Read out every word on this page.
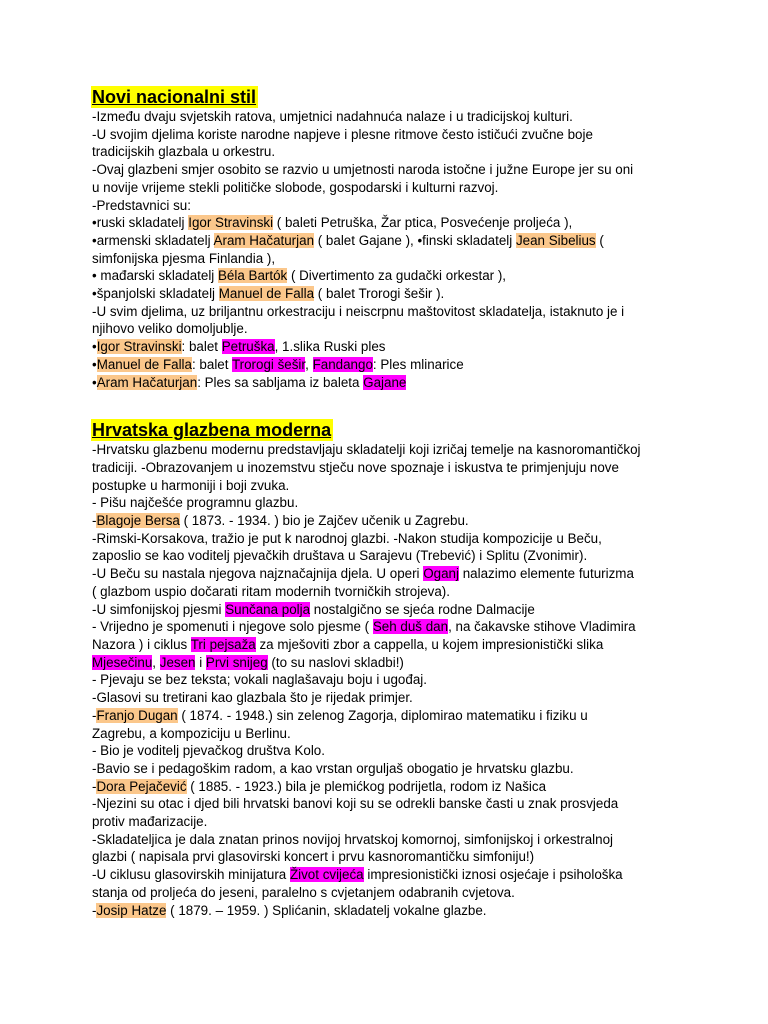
Novi nacionalni stil
-Između dvaju svjetskih ratova, umjetnici nadahnuća nalaze i u tradicijskoj kulturi.
-U svojim djelima koriste narodne napjeve i plesne ritmove često ističući zvučne boje
tradicijskih glazbala u orkestru.
-Ovaj glazbeni smjer osobito se razvio u umjetnosti naroda istočne i južne Europe jer su oni
u novije vrijeme stekli političke slobode, gospodarski i kulturni razvoj.
-Predstavnici su:
•ruski skladatelj Igor Stravinski ( baleti Petruška, Žar ptica, Posvećenje proljeća ),
•armenski skladatelj Aram Hačaturjan ( balet Gajane ), •finski skladatelj Jean Sibelius (
simfonijska pjesma Finlandia ),
• mađarski skladatelj Béla Bartók ( Divertimento za gudački orkestar ),
•španjolski skladatelj Manuel de Falla ( balet Trorogi šešir ).
-U svim djelima, uz briljantnu orkestraciju i neiscrpnu maštovitost skladatelja, istaknuto je i
njihovo veliko domoljublje.
•Igor Stravinski: balet Petruška, 1.slika Ruski ples
•Manuel de Falla: balet Trorogi šešir, Fandango: Ples mlinarice
•Aram Hačaturjan: Ples sa sabljama iz baleta Gajane
Hrvatska glazbena moderna
-Hrvatsku glazbenu modernu predstavljaju skladatelji koji izričaj temelje na kasnoromantičkoj
tradiciji. -Obrazovanjem u inozemstvu stječu nove spoznaje i iskustva te primjenjuju nove
postupke u harmoniji i boji zvuka.
- Pišu najčešće programnu glazbu.
-Blagoje Bersa ( 1873. - 1934. ) bio je Zajčev učenik u Zagrebu.
-Rimski-Korsakova, tražio je put k narodnoj glazbi. -Nakon studija kompozicije u Beču,
zaposlio se kao voditelj pjevačkih društava u Sarajevu (Trebević) i Splitu (Zvonimir).
-U Beču su nastala njegova najznačajnija djela. U operi Oganj nalazimo elemente futurizma
( glazbom uspio dočarati ritam modernih tvorničkih strojeva).
-U simfonijskoj pjesmi Sunčana polja nostalgično se sjeća rodne Dalmacije
- Vrijedno je spomenuti i njegove solo pjesme ( Seh duš dan, na čakavske stihove Vladimira
Nazora ) i ciklus Tri pejsaža za mješoviti zbor a cappella, u kojem impresionistički slika
Mjesečinu, Jesen i Prvi snijeg (to su naslovi skladbi!)
- Pjevaju se bez teksta; vokali naglašavaju boju i ugođaj.
-Glasovi su tretirani kao glazbala što je rijedak primjer.
-Franjo Dugan ( 1874. - 1948.) sin zelenog Zagorja, diplomirao matematiku i fiziku u
Zagrebu, a kompoziciju u Berlinu.
- Bio je voditelj pjevačkog društva Kolo.
-Bavio se i pedagoškim radom, a kao vrstan orguljaš obogatio je hrvatsku glazbu.
-Dora Pejačević ( 1885. - 1923.) bila je plemićkog podrijetla, rodom iz Našica
-Njezini su otac i djed bili hrvatski banovi koji su se odrekli banske časti u znak prosvjeda
protiv mađarizacije.
-Skladateljica je dala znatan prinos novijoj hrvatskoj komornoj, simfonijskoj i orkestralnoj
glazbi ( napisala prvi glasovirski koncert i prvu kasnoromantičku simfoniju!)
-U ciklusu glasovirskih minijatura Život cvijeća impresionistički iznosi osjećaje i psihološka
stanja od proljeća do jeseni, paralelno s cvjetanjem odabranih cvjetova.
-Josip Hatze ( 1879. – 1959. ) Splićanin, skladatelj vokalne glazbe.
